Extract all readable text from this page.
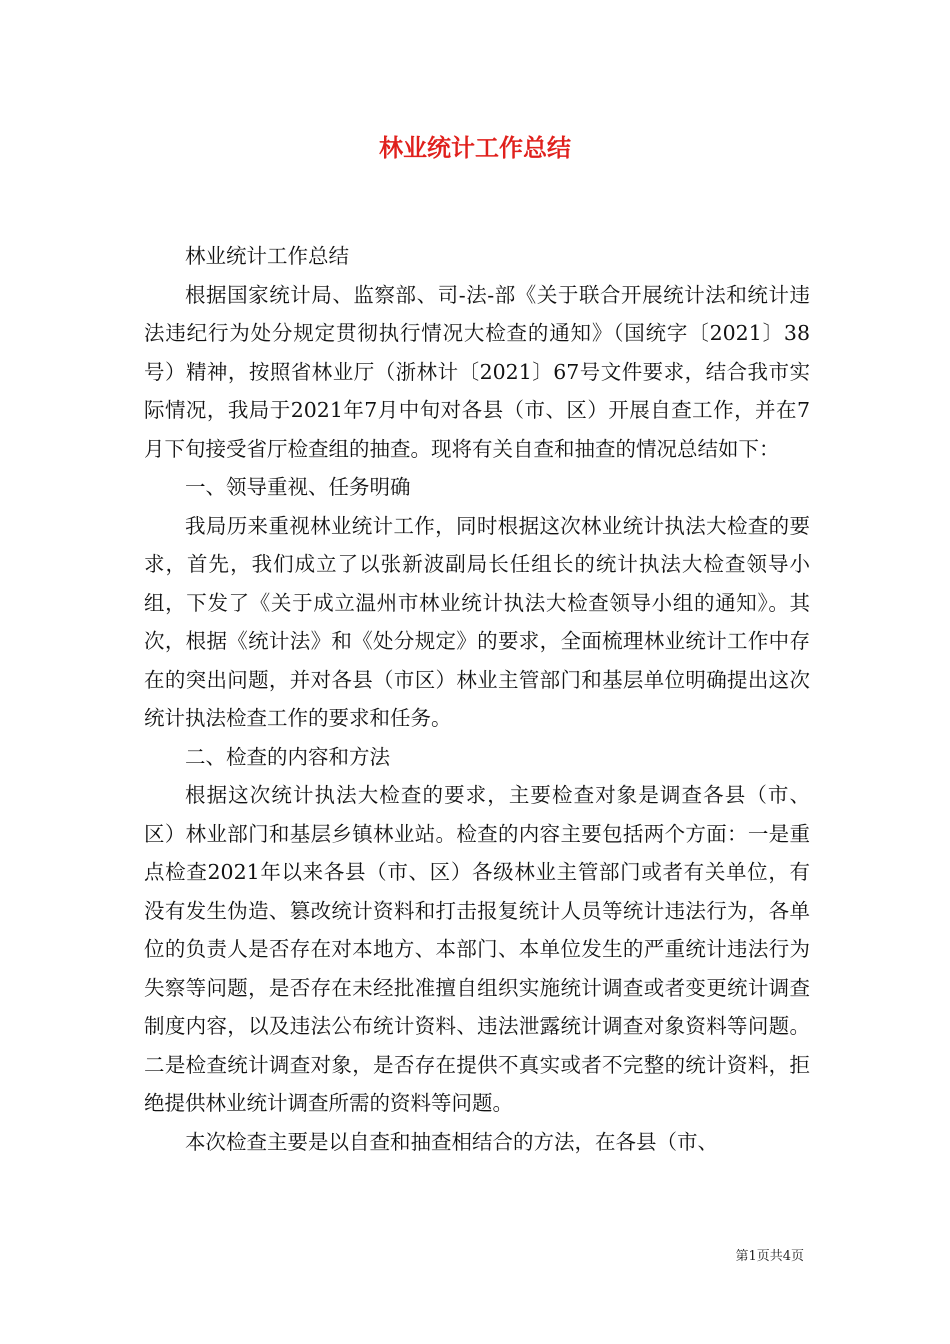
林业统计工作总结

林业统计工作总结

根据国家统计局、监察部、司-法-部《关于联合开展统计法和统计违法违纪行为处分规定贯彻执行情况大检查的通知》（国统字〔2021〕38号）精神，按照省林业厅（浙林计〔2021〕67号文件要求，结合我市实际情况，我局于2021年7月中旬对各县（市、区）开展自查工作，并在7月下旬接受省厅检查组的抽查。现将有关自查和抽查的情况总结如下：

一、领导重视、任务明确

我局历来重视林业统计工作，同时根据这次林业统计执法大检查的要求，首先，我们成立了以张新波副局长任组长的统计执法大检查领导小组，下发了《关于成立温州市林业统计执法大检查领导小组的通知》。其次，根据《统计法》和《处分规定》的要求，全面梳理林业统计工作中存在的突出问题，并对各县（市区）林业主管部门和基层单位明确提出这次统计执法检查工作的要求和任务。

二、检查的内容和方法

根据这次统计执法大检查的要求，主要检查对象是调查各县（市、区）林业部门和基层乡镇林业站。检查的内容主要包括两个方面：一是重点检查2021年以来各县（市、区）各级林业主管部门或者有关单位，有没有发生伪造、篡改统计资料和打击报复统计人员等统计违法行为，各单位的负责人是否存在对本地方、本部门、本单位发生的严重统计违法行为失察等问题，是否存在未经批准擅自组织实施统计调查或者变更统计调查制度内容，以及违法公布统计资料、违法泄露统计调查对象资料等问题。二是检查统计调查对象，是否存在提供不真实或者不完整的统计资料，拒绝提供林业统计调查所需的资料等问题。

本次检查主要是以自查和抽查相结合的方法，在各县（市、

第1页共4页
